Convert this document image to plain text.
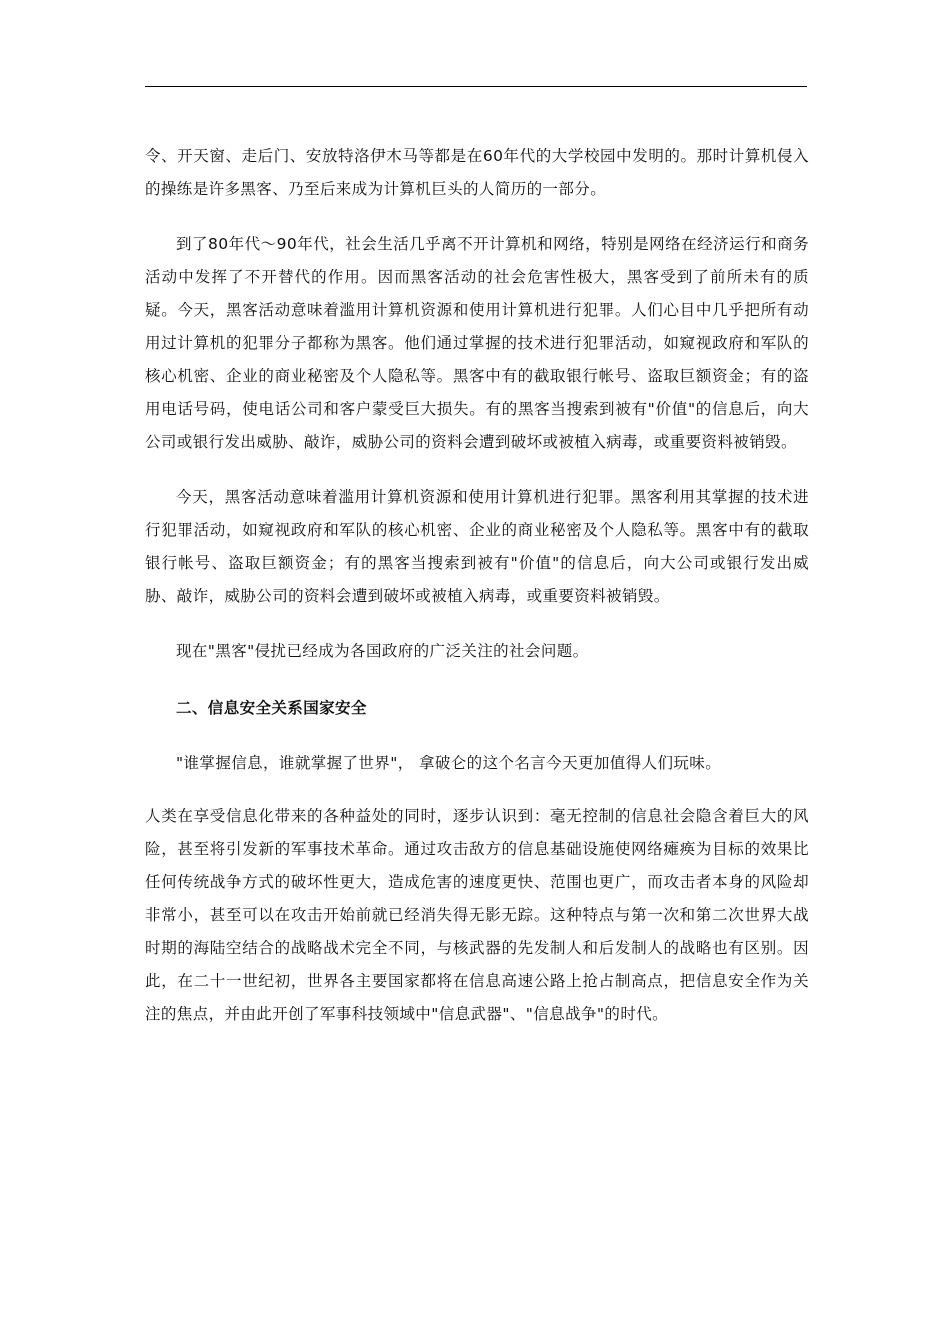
令、开天窗、走后门、安放特洛伊木马等都是在60年代的大学校园中发明的。那时计算机侵入的操练是许多黑客、乃至后来成为计算机巨头的人简历的一部分。

到了80年代～90年代，社会生活几乎离不开计算机和网络，特别是网络在经济运行和商务活动中发挥了不开替代的作用。因而黑客活动的社会危害性极大，黑客受到了前所未有的质疑。今天，黑客活动意味着滥用计算机资源和使用计算机进行犯罪。人们心目中几乎把所有动用过计算机的犯罪分子都称为黑客。他们通过掌握的技术进行犯罪活动，如窥视政府和军队的核心机密、企业的商业秘密及个人隐私等。黑客中有的截取银行帐号、盗取巨额资金；有的盗用电话号码，使电话公司和客户蒙受巨大损失。有的黑客当搜索到被有"价值"的信息后，向大公司或银行发出威胁、敲诈，威胁公司的资料会遭到破坏或被植入病毒，或重要资料被销毁。

今天，黑客活动意味着滥用计算机资源和使用计算机进行犯罪。黑客利用其掌握的技术进行犯罪活动，如窥视政府和军队的核心机密、企业的商业秘密及个人隐私等。黑客中有的截取银行帐号、盗取巨额资金；有的黑客当搜索到被有"价值"的信息后，向大公司或银行发出威胁、敲诈，威胁公司的资料会遭到破坏或被植入病毒，或重要资料被销毁。

现在"黑客"侵扰已经成为各国政府的广泛关注的社会问题。

二、信息安全关系国家安全

"谁掌握信息，谁就掌握了世界"， 拿破仑的这个名言今天更加值得人们玩味。

人类在享受信息化带来的各种益处的同时，逐步认识到：毫无控制的信息社会隐含着巨大的风险，甚至将引发新的军事技术革命。通过攻击敌方的信息基础设施使网络瘫痪为目标的效果比任何传统战争方式的破坏性更大，造成危害的速度更快、范围也更广，而攻击者本身的风险却非常小，甚至可以在攻击开始前就已经消失得无影无踪。这种特点与第一次和第二次世界大战时期的海陆空结合的战略战术完全不同，与核武器的先发制人和后发制人的战略也有区别。因此，在二十一世纪初，世界各主要国家都将在信息高速公路上抢占制高点，把信息安全作为关注的焦点，并由此开创了军事科技领域中"信息武器"、"信息战争"的时代。
